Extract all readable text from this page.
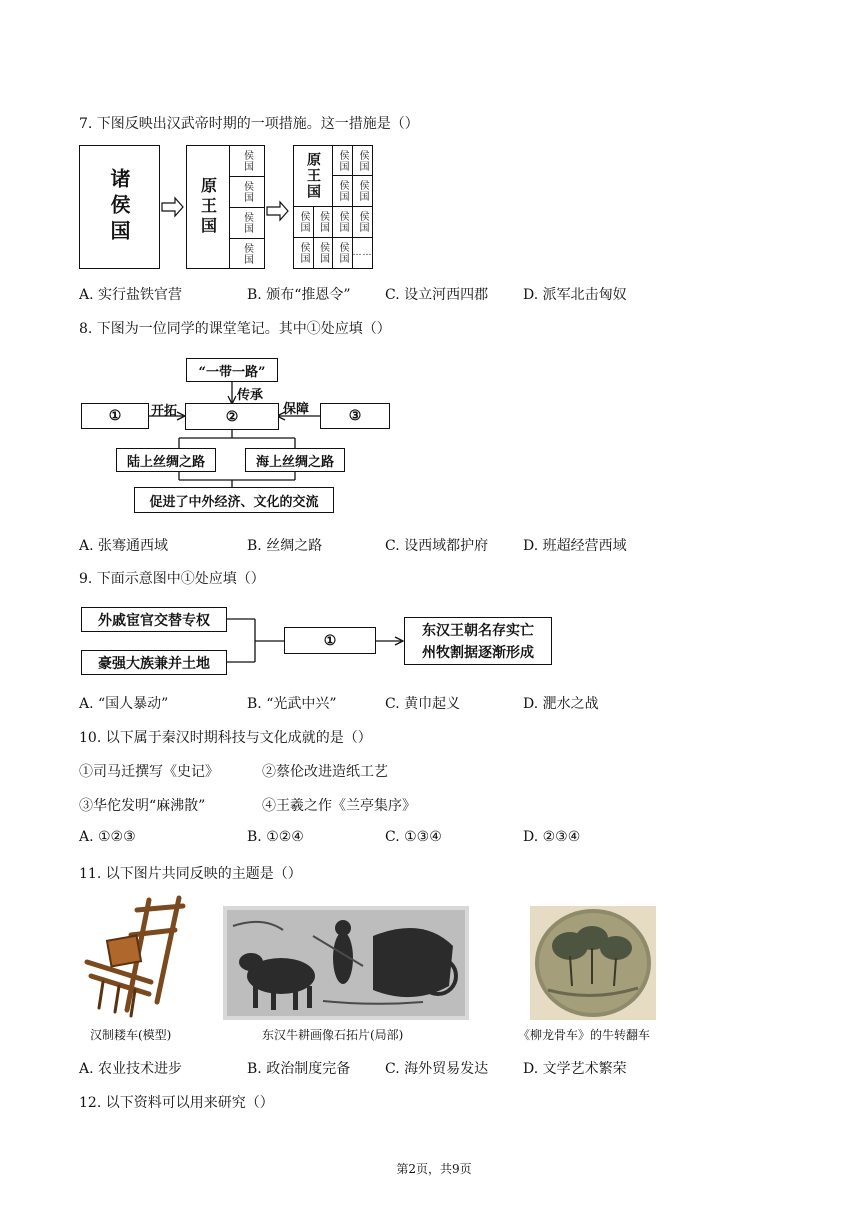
7. 下图反映出汉武帝时期的一项措施。这一措施是（）
诸侯国	原王国
侯国
侯国
侯国
侯国
原王国	侯国 侯国
侯国 侯国
侯国 侯国 侯国 侯国
侯国 侯国 侯国 ……
A. 实行盐铁官营	B. 颁布“推恩令” C. 设立河西四郡 D. 派军北击匈奴
8. 下图为一位同学的课堂笔记。其中①处应填（）
“一带一路”
传承
①	开拓	②	保障	③
陆上丝绸之路	海上丝绸之路
促进了中外经济、文化的交流
A. 张骞通西域	B. 丝绸之路	C. 设西域都护府 D. 班超经营西域
9. 下面示意图中①处应填（）
外戚宦官交替专权
豪强大族兼并土地
①
东汉王朝名存实亡
州牧割据逐渐形成
A. “国人暴动”	B. “光武中兴”	C. 黄巾起义	D. 淝水之战
10. 以下属于秦汉时期科技与文化成就的是（）
①司马迁撰写《史记》	②蔡伦改进造纸工艺
③华佗发明“麻沸散”	④王羲之作《兰亭集序》
A. ①②③	B. ①②④	C. ①③④	D. ②③④
11. 以下图片共同反映的主题是（）
汉制耧车(模型)	东汉牛耕画像石拓片(局部)	《柳龙骨车》的牛转翻车
A. 农业技术进步	B. 政治制度完备 C. 海外贸易发达 D. 文学艺术繁荣
12. 以下资料可以用来研究（）
第2页，共9页
